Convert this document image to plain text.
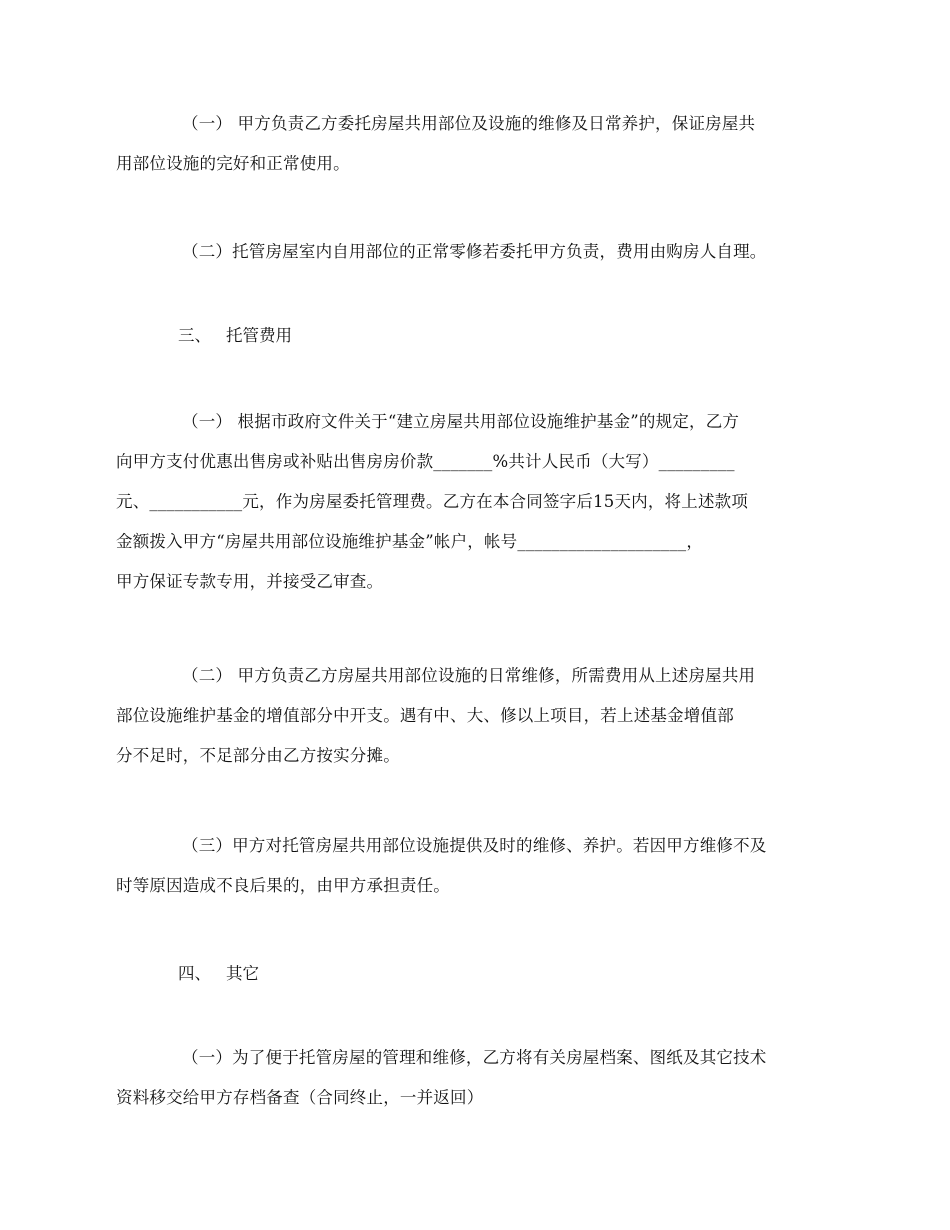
（一） 甲方负责乙方委托房屋共用部位及设施的维修及日常养护，保证房屋共
用部位设施的完好和正常使用。

（二）托管房屋室内自用部位的正常零修若委托甲方负责，费用由购房人自理。

三、 托管费用

（一） 根据市政府文件关于“建立房屋共用部位设施维护基金”的规定，乙方
向甲方支付优惠出售房或补贴出售房房价款_______%共计人民币（大写）_________
元、___________元，作为房屋委托管理费。乙方在本合同签字后15天内，将上述款项
金额拨入甲方“房屋共用部位设施维护基金”帐户，帐号____________________，
甲方保证专款专用，并接受乙审查。

（二） 甲方负责乙方房屋共用部位设施的日常维修，所需费用从上述房屋共用
部位设施维护基金的增值部分中开支。遇有中、大、修以上项目，若上述基金增值部
分不足时，不足部分由乙方按实分摊。

（三）甲方对托管房屋共用部位设施提供及时的维修、养护。若因甲方维修不及
时等原因造成不良后果的，由甲方承担责任。

四、 其它

（一）为了便于托管房屋的管理和维修，乙方将有关房屋档案、图纸及其它技术
资料移交给甲方存档备查（合同终止，一并返回）
